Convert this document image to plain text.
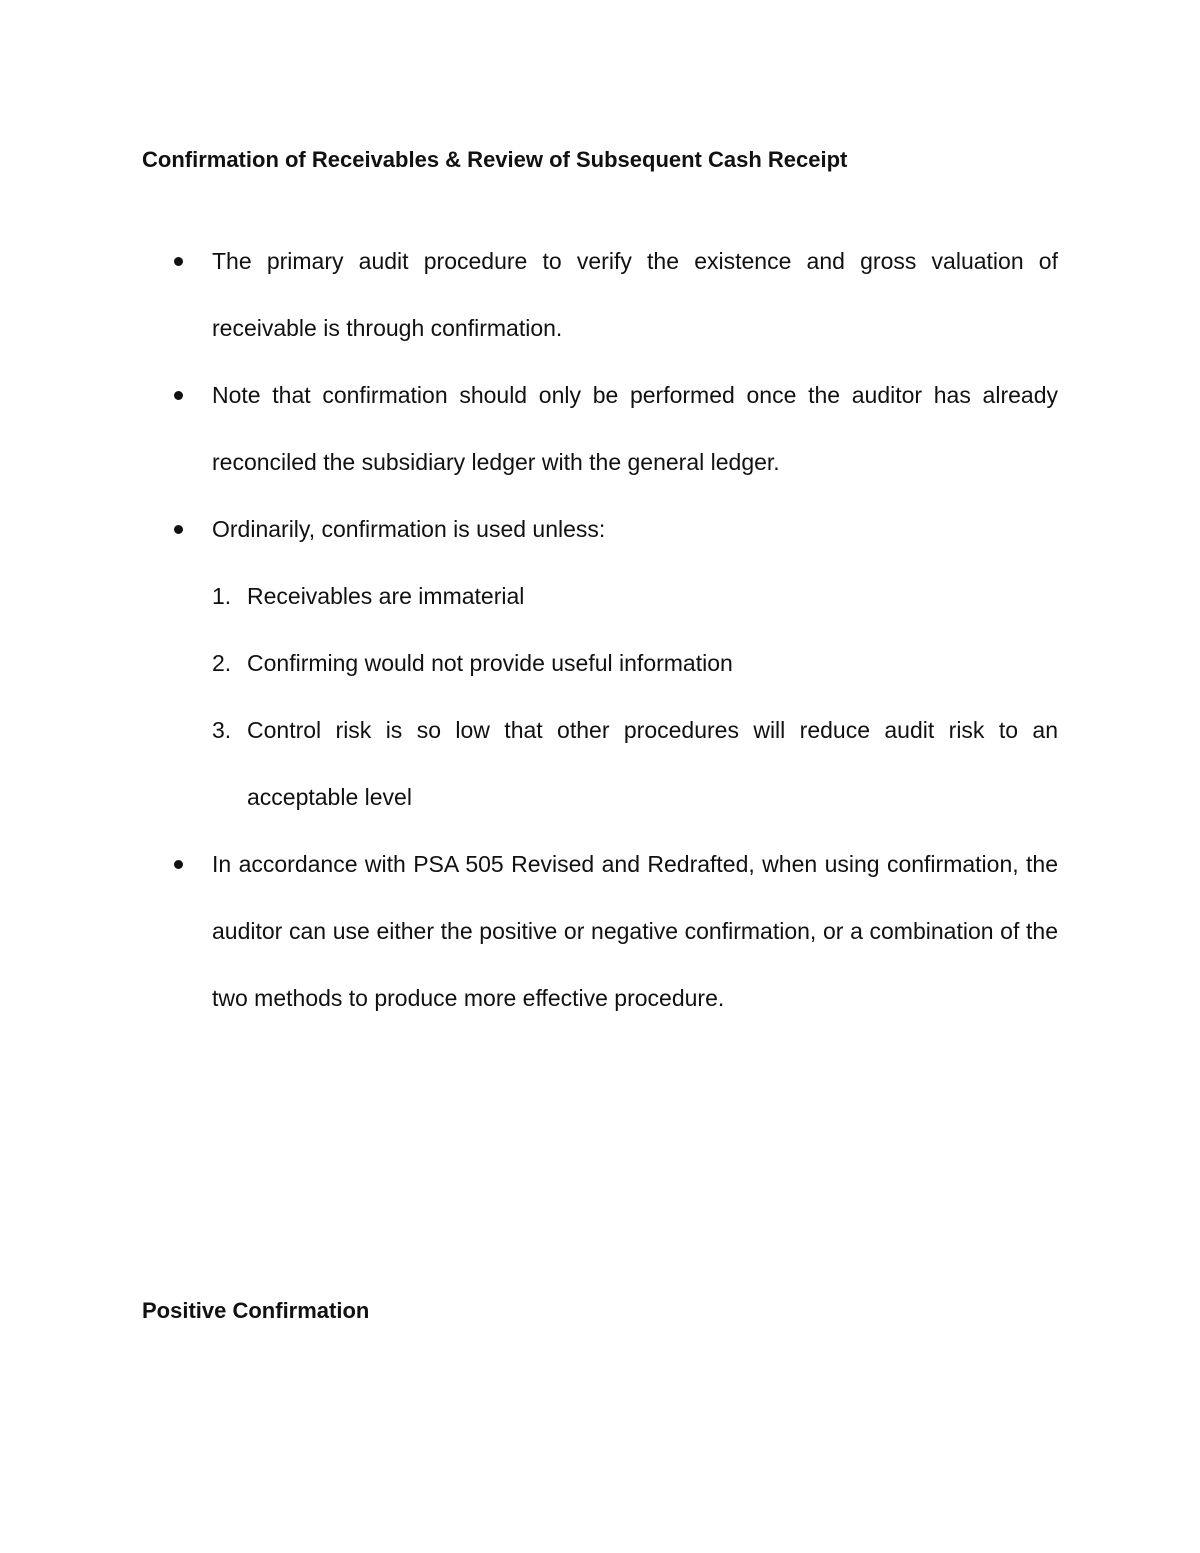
Confirmation of Receivables & Review of Subsequent Cash Receipt

The primary audit procedure to verify the existence and gross valuation of receivable is through confirmation.

Note that confirmation should only be performed once the auditor has already reconciled the subsidiary ledger with the general ledger.

Ordinarily, confirmation is used unless:

1. Receivables are immaterial

2. Confirming would not provide useful information

3. Control risk is so low that other procedures will reduce audit risk to an acceptable level

In accordance with PSA 505 Revised and Redrafted, when using confirmation, the auditor can use either the positive or negative confirmation, or a combination of the two methods to produce more effective procedure.

Positive Confirmation
